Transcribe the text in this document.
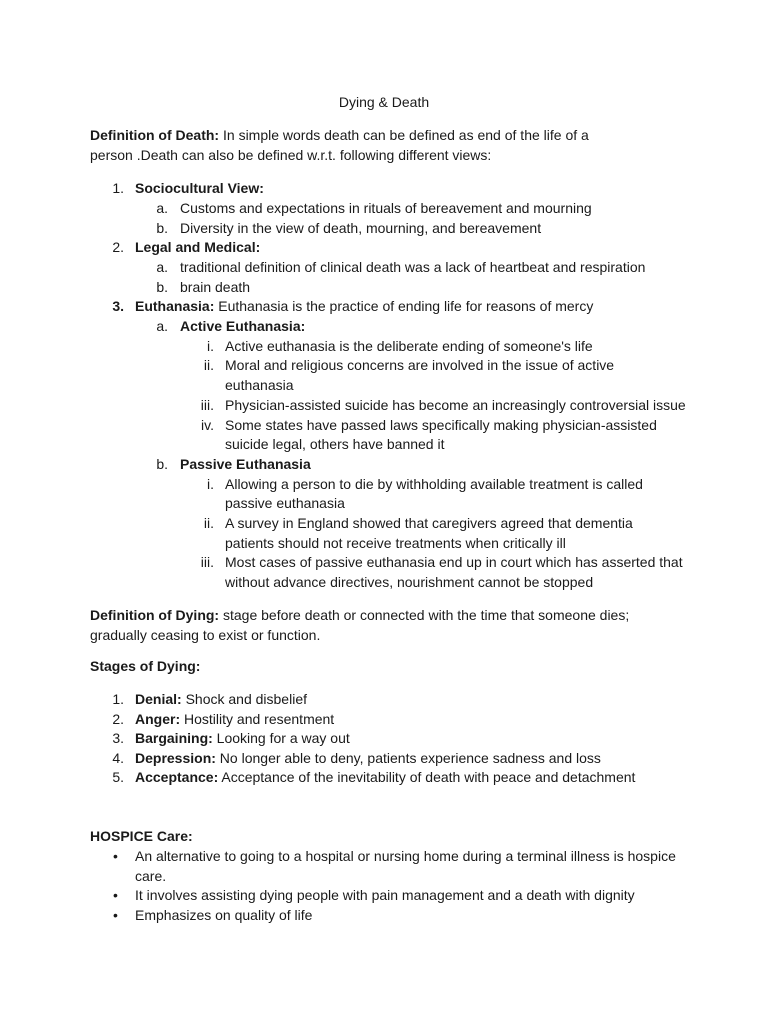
Dying & Death
Definition of Death: In simple words death can be defined as end of the life of a
person .Death can also be defined w.r.t. following different views:
1. Sociocultural View:
a. Customs and expectations in rituals of bereavement and mourning
b. Diversity in the view of death, mourning, and bereavement
2. Legal and Medical:
a. traditional definition of clinical death was a lack of heartbeat and respiration
b. brain death
3. Euthanasia: Euthanasia is the practice of ending life for reasons of mercy
a. Active Euthanasia:
i. Active euthanasia is the deliberate ending of someone's life
ii. Moral and religious concerns are involved in the issue of active
euthanasia
iii. Physician-assisted suicide has become an increasingly controversial issue
iv. Some states have passed laws specifically making physician-assisted
suicide legal, others have banned it
b. Passive Euthanasia
i. Allowing a person to die by withholding available treatment is called
passive euthanasia
ii. A survey in England showed that caregivers agreed that dementia
patients should not receive treatments when critically ill
iii. Most cases of passive euthanasia end up in court which has asserted that
without advance directives, nourishment cannot be stopped
Definition of Dying: stage before death or connected with the time that someone dies;
gradually ceasing to exist or function.
Stages of Dying:
1. Denial: Shock and disbelief
2. Anger: Hostility and resentment
3. Bargaining: Looking for a way out
4. Depression: No longer able to deny, patients experience sadness and loss
5. Acceptance: Acceptance of the inevitability of death with peace and detachment
HOSPICE Care:
• An alternative to going to a hospital or nursing home during a terminal illness is hospice
care.
• It involves assisting dying people with pain management and a death with dignity
• Emphasizes on quality of life
